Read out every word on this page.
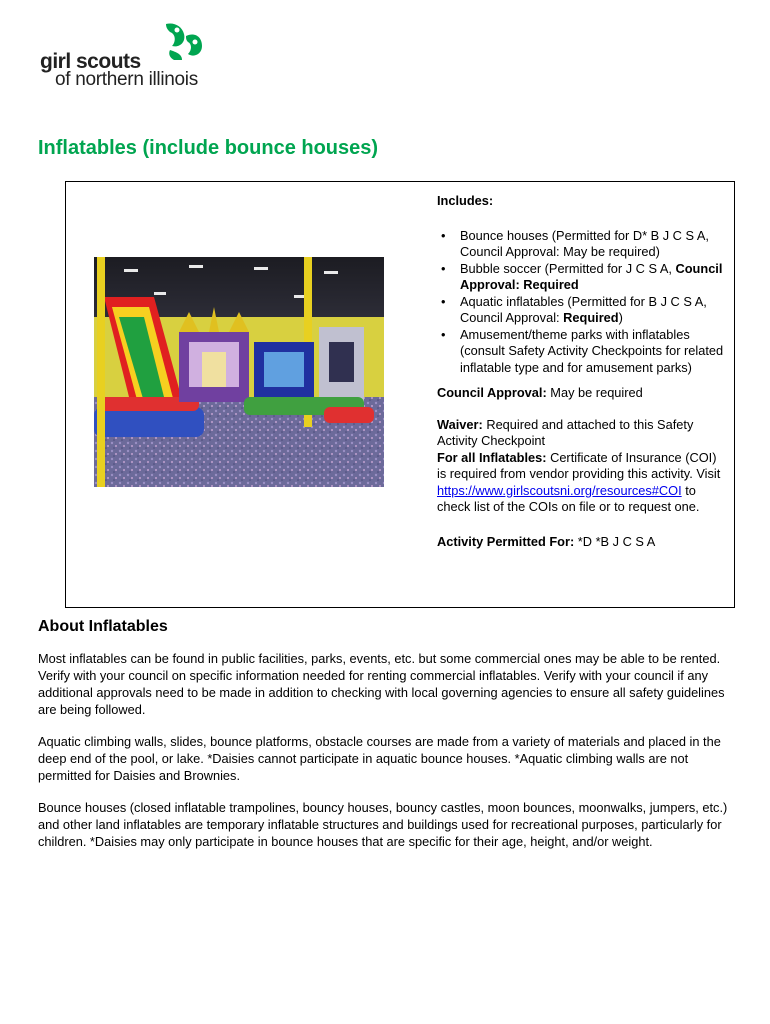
girl scouts
of northern illinois
Inflatables (include bounce houses)
Includes:
• Bounce houses (Permitted for D* B J C S A, Council Approval: May be required)
• Bubble soccer (Permitted for J C S A, Council Approval: Required
• Aquatic inflatables (Permitted for B J C S A, Council Approval: Required)
• Amusement/theme parks with inflatables (consult Safety Activity Checkpoints for related inflatable type and for amusement parks)

Council Approval: May be required

Waiver: Required and attached to this Safety Activity Checkpoint
For all Inflatables: Certificate of Insurance (COI) is required from vendor providing this activity. Visit https://www.girlscoutsni.org/resources#COI to check list of the COIs on file or to request one.

Activity Permitted For: *D *B J C S A

About Inflatables

Most inflatables can be found in public facilities, parks, events, etc. but some commercial ones may be able to be rented. Verify with your council on specific information needed for renting commercial inflatables. Verify with your council if any additional approvals need to be made in addition to checking with local governing agencies to ensure all safety guidelines are being followed.

Aquatic climbing walls, slides, bounce platforms, obstacle courses are made from a variety of materials and placed in the deep end of the pool, or lake. *Daisies cannot participate in aquatic bounce houses. *Aquatic climbing walls are not permitted for Daisies and Brownies.

Bounce houses (closed inflatable trampolines, bouncy houses, bouncy castles, moon bounces, moonwalks, jumpers, etc.) and other land inflatables are temporary inflatable structures and buildings used for recreational purposes, particularly for children. *Daisies may only participate in bounce houses that are specific for their age, height, and/or weight.
